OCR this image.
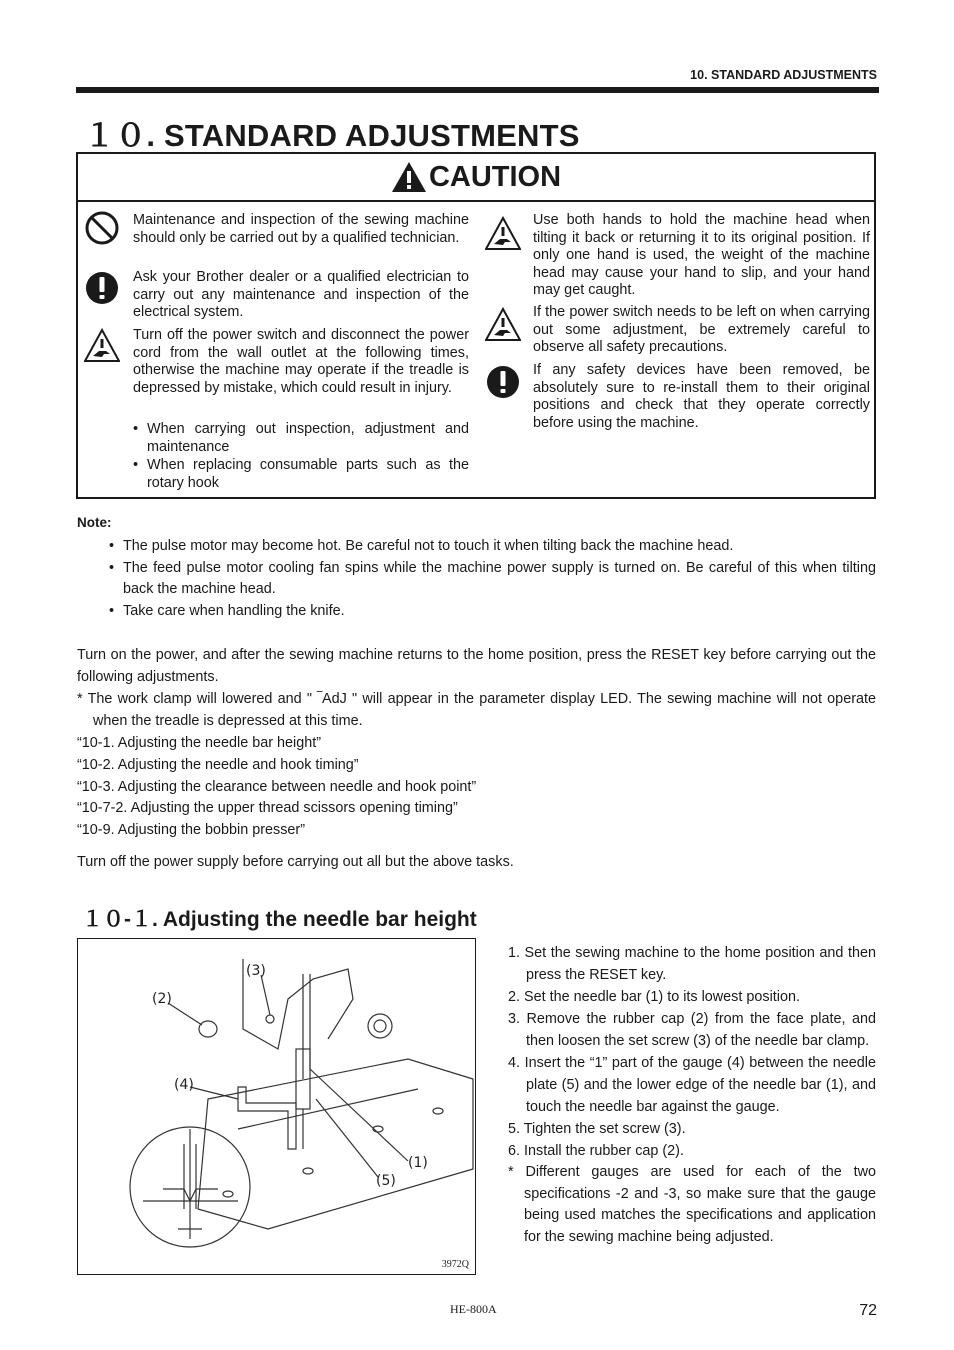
10. STANDARD ADJUSTMENTS
１０. STANDARD ADJUSTMENTS
CAUTION
Maintenance and inspection of the sewing machine should only be carried out by a qualified technician.
Ask your Brother dealer or a qualified electrician to carry out any maintenance and inspection of the electrical system.
Turn off the power switch and disconnect the power cord from the wall outlet at the following times, otherwise the machine may operate if the treadle is depressed by mistake, which could result in injury.
• When carrying out inspection, adjustment and maintenance
• When replacing consumable parts such as the rotary hook
Use both hands to hold the machine head when tilting it back or returning it to its original position. If only one hand is used, the weight of the machine head may cause your hand to slip, and your hand may get caught.
If the power switch needs to be left on when carrying out some adjustment, be extremely careful to observe all safety precautions.
If any safety devices have been removed, be absolutely sure to re-install them to their original positions and check that they operate correctly before using the machine.
Note:
• The pulse motor may become hot. Be careful not to touch it when tilting back the machine head.
• The feed pulse motor cooling fan spins while the machine power supply is turned on. Be careful of this when tilting back the machine head.
• Take care when handling the knife.
Turn on the power, and after the sewing machine returns to the home position, press the RESET key before carrying out the following adjustments.
* The work clamp will lowered and " ‾AdJ " will appear in the parameter display LED. The sewing machine will not operate when the treadle is depressed at this time.
“10-1. Adjusting the needle bar height”
“10-2. Adjusting the needle and hook timing”
“10-3. Adjusting the clearance between needle and hook point”
“10-7-2. Adjusting the upper thread scissors opening timing”
“10-9. Adjusting the bobbin presser”
Turn off the power supply before carrying out all but the above tasks.
１０-１. Adjusting the needle bar height
(3)
(2)
(4)
(1)
(5)
3972Q
1. Set the sewing machine to the home position and then press the RESET key.
2. Set the needle bar (1) to its lowest position.
3. Remove the rubber cap (2) from the face plate, and then loosen the set screw (3) of the needle bar clamp.
4. Insert the “1” part of the gauge (4) between the needle plate (5) and the lower edge of the needle bar (1), and touch the needle bar against the gauge.
5. Tighten the set screw (3).
6. Install the rubber cap (2).
* Different gauges are used for each of the two specifications -2 and -3, so make sure that the gauge being used matches the specifications and application for the sewing machine being adjusted.
HE-800A	72
